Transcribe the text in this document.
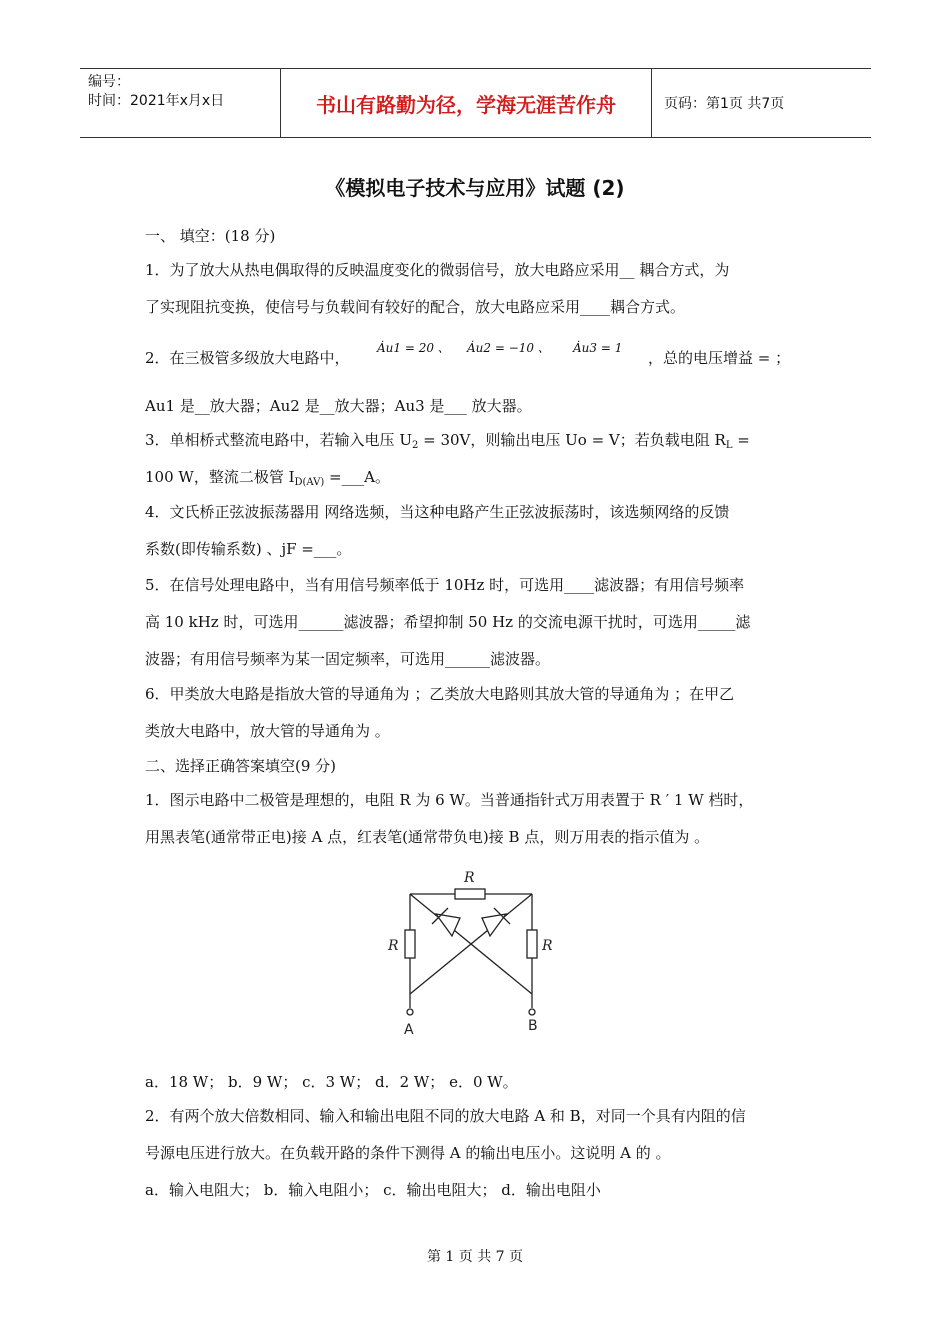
编号：
时间：2021年x月x日	书山有路勤为径，学海无涯苦作舟	页码：第1页 共7页
《模拟电子技术与应用》试题 (2)
一、 填空：(18 分)
1．为了放大从热电偶取得的反映温度变化的微弱信号，放大电路应采用__ 耦合方式，为
了实现阻抗变换，使信号与负载间有较好的配合，放大电路应采用____耦合方式。
2．在三极管多级放大电路中，
Ȧu1 = 20 、 Ȧu2 = −10 、 Ȧu3 = 1
，总的电压增益 = ；
Au1 是__放大器；Au2 是__放大器；Au3 是___ 放大器。
3．单相桥式整流电路中，若输入电压 $U_2 = 30V$，则输出电压 Uo = V；若负载电阻 $R_L$ =
100 W，整流二极管 $I_{D(AV)}$ =___A。
4．文氏桥正弦波振荡器用 网络选频，当这种电路产生正弦波振荡时，该选频网络的反馈
系数(即传输系数) 、jF =___。
5．在信号处理电路中，当有用信号频率低于 10Hz 时，可选用____滤波器；有用信号频率
高 10 kHz 时，可选用______滤波器；希望抑制 50 Hz 的交流电源干扰时，可选用_____滤
波器；有用信号频率为某一固定频率，可选用______滤波器。
6．甲类放大电路是指放大管的导通角为 ；乙类放大电路则其放大管的导通角为 ；在甲乙
类放大电路中，放大管的导通角为 。
二、选择正确答案填空(9 分)
1．图示电路中二极管是理想的，电阻 R 为 6 W。当普通指针式万用表置于 R ′ 1 W 档时，
用黑表笔(通常带正电)接 A 点，红表笔(通常带负电)接 B 点，则万用表的指示值为 。
R
R	R
A	B
a．18 W； b．9 W； c．3 W； d．2 W； e．0 W。
2．有两个放大倍数相同、输入和输出电阻不同的放大电路 A 和 B，对同一个具有内阻的信
号源电压进行放大。在负载开路的条件下测得 A 的输出电压小。这说明 A 的 。
a．输入电阻大； b．输入电阻小； c．输出电阻大； d．输出电阻小
第 1 页 共 7 页
